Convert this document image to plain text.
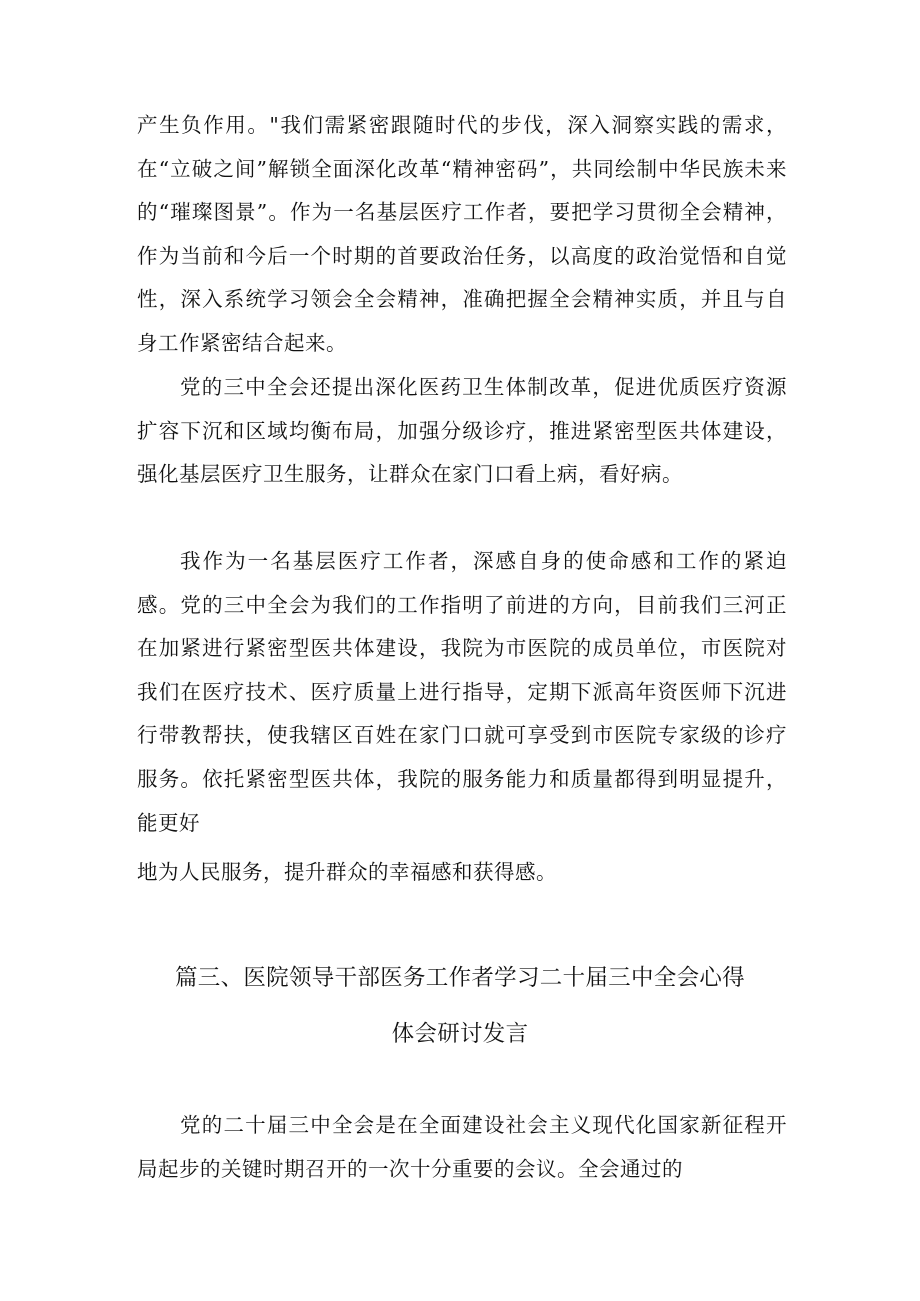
产生负作用。"我们需紧密跟随时代的步伐，深入洞察实践的需求，在“立破之间”解锁全面深化改革“精神密码”，共同绘制中华民族未来的“璀璨图景”。作为一名基层医疗工作者，要把学习贯彻全会精神，作为当前和今后一个时期的首要政治任务，以高度的政治觉悟和自觉性，深入系统学习领会全会精神，准确把握全会精神实质，并且与自身工作紧密结合起来。

党的三中全会还提出深化医药卫生体制改革，促进优质医疗资源扩容下沉和区域均衡布局，加强分级诊疗，推进紧密型医共体建设，强化基层医疗卫生服务，让群众在家门口看上病，看好病。

我作为一名基层医疗工作者，深感自身的使命感和工作的紧迫感。党的三中全会为我们的工作指明了前进的方向，目前我们三河正在加紧进行紧密型医共体建设，我院为市医院的成员单位，市医院对我们在医疗技术、医疗质量上进行指导，定期下派高年资医师下沉进行带教帮扶，使我辖区百姓在家门口就可享受到市医院专家级的诊疗服务。依托紧密型医共体，我院的服务能力和质量都得到明显提升，能更好

地为人民服务，提升群众的幸福感和获得感。

篇三、医院领导干部医务工作者学习二十届三中全会心得
体会研讨发言

党的二十届三中全会是在全面建设社会主义现代化国家新征程开局起步的关键时期召开的一次十分重要的会议。全会通过的
